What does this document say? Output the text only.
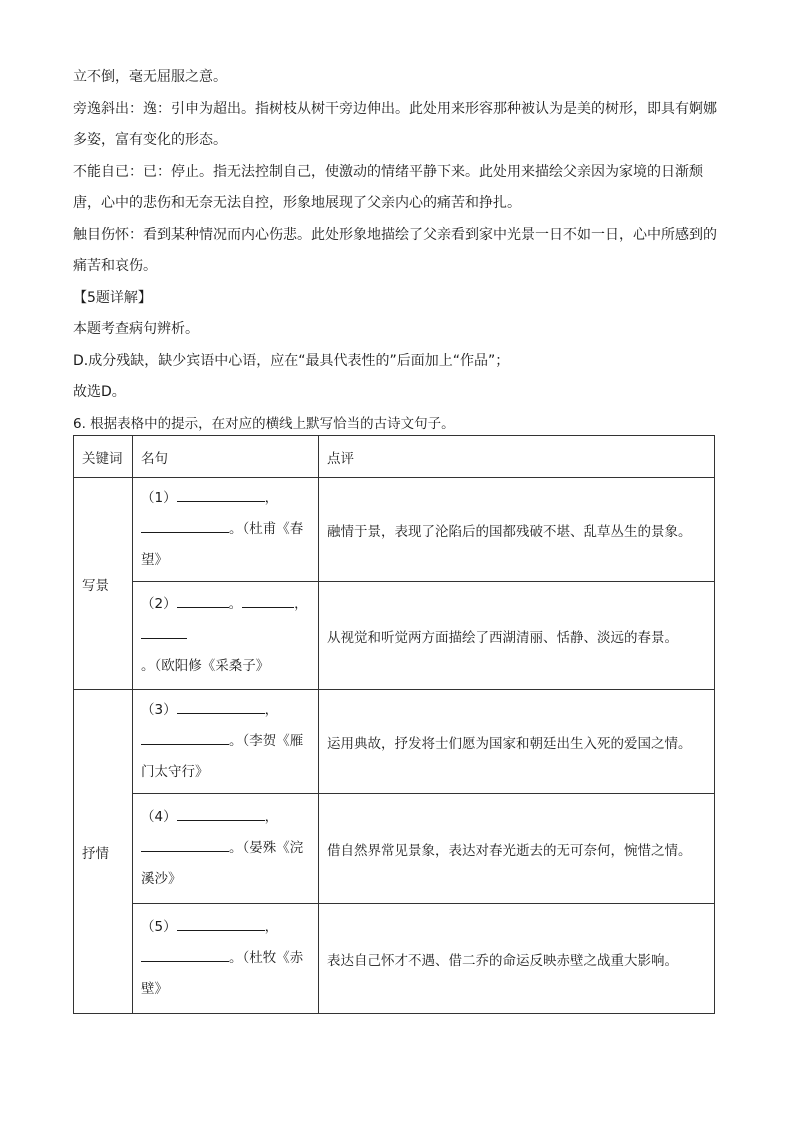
立不倒，毫无屈服之意。

旁逸斜出：逸：引申为超出。指树枝从树干旁边伸出。此处用来形容那种被认为是美的树形，即具有婀娜多姿，富有变化的形态。

不能自已：已：停止。指无法控制自己，使激动的情绪平静下来。此处用来描绘父亲因为家境的日渐颓唐，心中的悲伤和无奈无法自控，形象地展现了父亲内心的痛苦和挣扎。

触目伤怀：看到某种情况而内心伤悲。此处形象地描绘了父亲看到家中光景一日不如一日，心中所感到的痛苦和哀伤。

【5题详解】

本题考查病句辨析。

D.成分残缺，缺少宾语中心语，应在“最具代表性的”后面加上“作品”；

故选D。

6. 根据表格中的提示，在对应的横线上默写恰当的古诗文句子。

关键词	名句	点评
写景	（1） ，
。（杜甫《春望》	融情于景，表现了沦陷后的国都残破不堪、乱草丛生的景象。
	（2） 。 ，
。（欧阳修《采桑子》	从视觉和听觉两方面描绘了西湖清丽、恬静、淡远的春景。
抒情	（3） ，
。（李贺《雁门太守行》	运用典故，抒发将士们愿为国家和朝廷出生入死的爱国之情。
	（4） ，
。（晏殊《浣溪沙》	借自然界常见景象，表达对春光逝去的无可奈何，惋惜之情。
	（5） ，
。（杜牧《赤壁》	表达自己怀才不遇、借二乔的命运反映赤壁之战重大影响。
